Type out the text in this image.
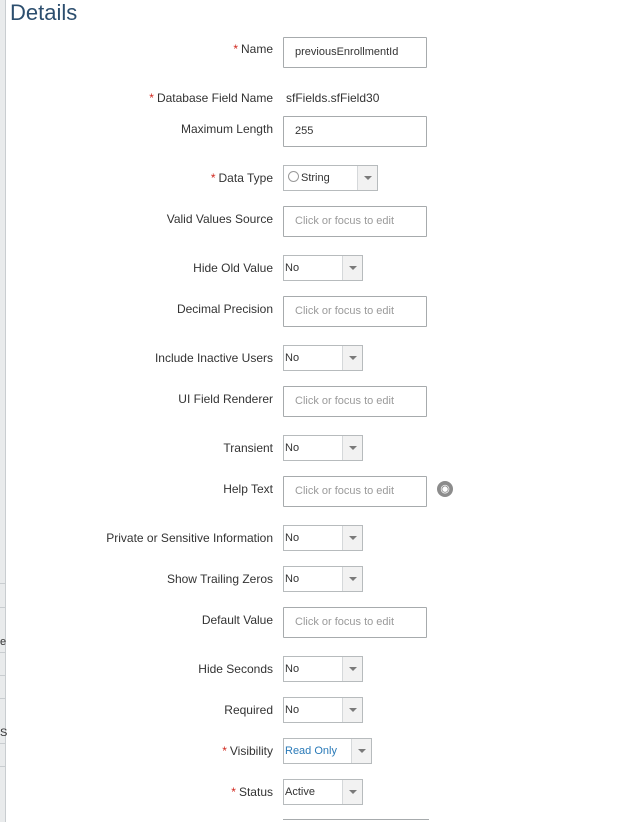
e
S
Details
* Name	previousEnrollmentId
* Database Field Name sfFields.sfField30
Maximum Length	255
* Data Type	String
Valid Values Source	Click or focus to edit
Hide Old Value No
Decimal Precision	Click or focus to edit
Include Inactive Users No
UI Field Renderer	Click or focus to edit
Transient No
Help Text	Click or focus to edit	◉
Private or Sensitive Information No
Show Trailing Zeros No
Default Value	Click or focus to edit
Hide Seconds No
Required No
* Visibility Read Only
* Status Active
